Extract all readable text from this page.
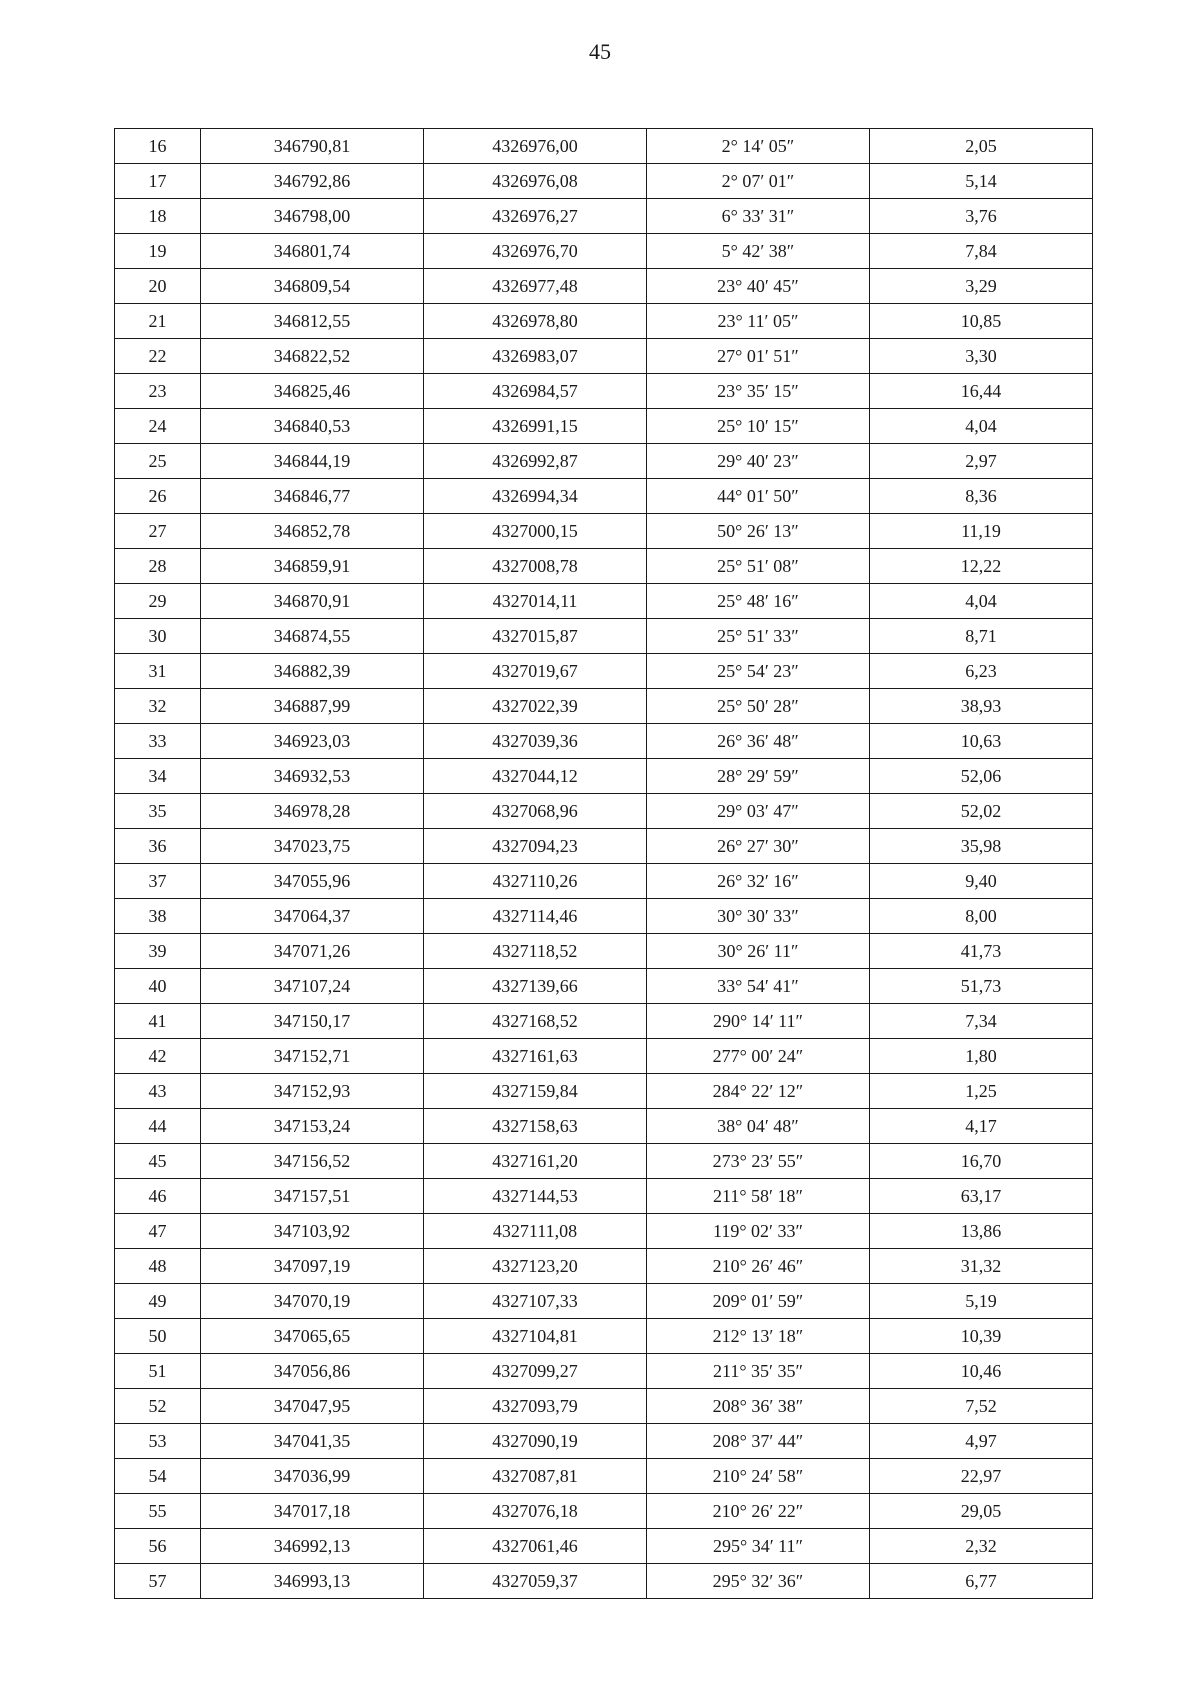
45
16	346790,81	4326976,00	2° 14′ 05″	2,05
17	346792,86	4326976,08	2° 07′ 01″	5,14
18	346798,00	4326976,27	6° 33′ 31″	3,76
19	346801,74	4326976,70	5° 42′ 38″	7,84
20	346809,54	4326977,48	23° 40′ 45″	3,29
21	346812,55	4326978,80	23° 11′ 05″	10,85
22	346822,52	4326983,07	27° 01′ 51″	3,30
23	346825,46	4326984,57	23° 35′ 15″	16,44
24	346840,53	4326991,15	25° 10′ 15″	4,04
25	346844,19	4326992,87	29° 40′ 23″	2,97
26	346846,77	4326994,34	44° 01′ 50″	8,36
27	346852,78	4327000,15	50° 26′ 13″	11,19
28	346859,91	4327008,78	25° 51′ 08″	12,22
29	346870,91	4327014,11	25° 48′ 16″	4,04
30	346874,55	4327015,87	25° 51′ 33″	8,71
31	346882,39	4327019,67	25° 54′ 23″	6,23
32	346887,99	4327022,39	25° 50′ 28″	38,93
33	346923,03	4327039,36	26° 36′ 48″	10,63
34	346932,53	4327044,12	28° 29′ 59″	52,06
35	346978,28	4327068,96	29° 03′ 47″	52,02
36	347023,75	4327094,23	26° 27′ 30″	35,98
37	347055,96	4327110,26	26° 32′ 16″	9,40
38	347064,37	4327114,46	30° 30′ 33″	8,00
39	347071,26	4327118,52	30° 26′ 11″	41,73
40	347107,24	4327139,66	33° 54′ 41″	51,73
41	347150,17	4327168,52	290° 14′ 11″	7,34
42	347152,71	4327161,63	277° 00′ 24″	1,80
43	347152,93	4327159,84	284° 22′ 12″	1,25
44	347153,24	4327158,63	38° 04′ 48″	4,17
45	347156,52	4327161,20	273° 23′ 55″	16,70
46	347157,51	4327144,53	211° 58′ 18″	63,17
47	347103,92	4327111,08	119° 02′ 33″	13,86
48	347097,19	4327123,20	210° 26′ 46″	31,32
49	347070,19	4327107,33	209° 01′ 59″	5,19
50	347065,65	4327104,81	212° 13′ 18″	10,39
51	347056,86	4327099,27	211° 35′ 35″	10,46
52	347047,95	4327093,79	208° 36′ 38″	7,52
53	347041,35	4327090,19	208° 37′ 44″	4,97
54	347036,99	4327087,81	210° 24′ 58″	22,97
55	347017,18	4327076,18	210° 26′ 22″	29,05
56	346992,13	4327061,46	295° 34′ 11″	2,32
57	346993,13	4327059,37	295° 32′ 36″	6,77
